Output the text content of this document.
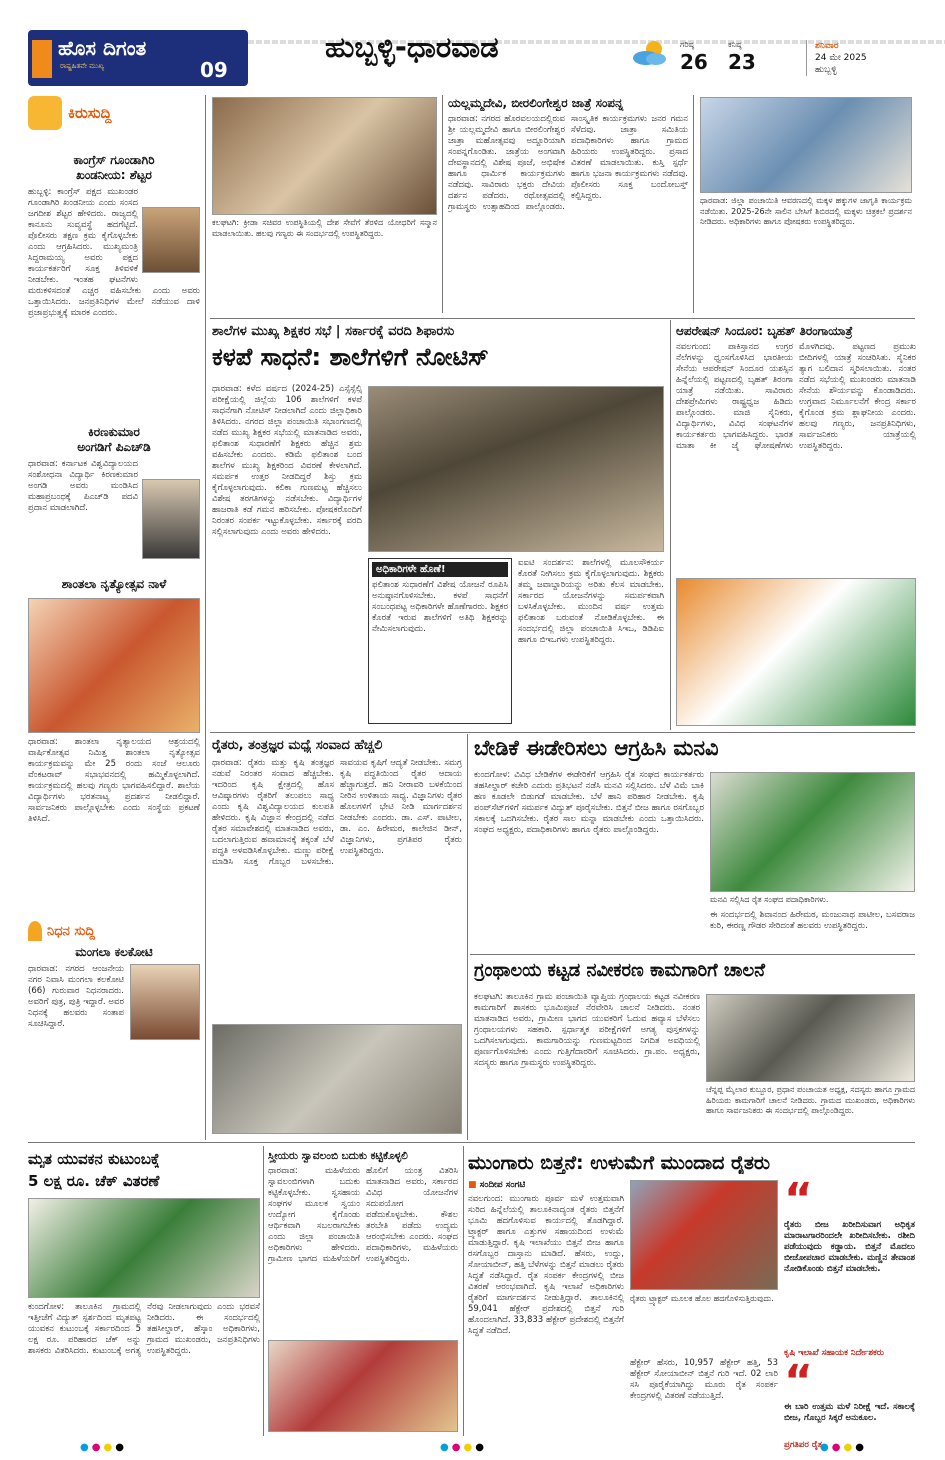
ಹೊಸ ದಿಗಂತ
ರಾಷ್ಟ್ರಹಿತವೇ ಮುಖ್ಯ	09
ಹುಬ್ಬಳ್ಳಿ-ಧಾರವಾಡ	ಗರಿಷ್ಠ
26
ಕನಿಷ್ಠ
23
ಶನಿವಾರ
24 ಮೇ 2025
ಹುಬ್ಬಳ್ಳಿ
ಕಿರುಸುದ್ದಿ
ಕಾಂಗ್ರೆಸ್ ಗೂಂಡಾಗಿರಿ
ಖಂಡನೀಯ: ಶೆಟ್ಟರ
ಹುಬ್ಬಳ್ಳಿ: ಕಾಂಗ್ರೆಸ್ ಪಕ್ಷದ ಮುಖಂಡರ ಗೂಂಡಾಗಿರಿ ಖಂಡನೀಯ ಎಂದು ಸಂಸದ ಜಗದೀಶ ಶೆಟ್ಟರ ಹೇಳಿದರು. ರಾಜ್ಯದಲ್ಲಿ ಕಾನೂನು ಸುವ್ಯವಸ್ಥೆ ಹದಗೆಟ್ಟಿದೆ. ಪೊಲೀಸರು ತಕ್ಷಣ ಕ್ರಮ ಕೈಗೊಳ್ಳಬೇಕು ಎಂದು ಆಗ್ರಹಿಸಿದರು. ಮುಖ್ಯಮಂತ್ರಿ ಸಿದ್ದರಾಮಯ್ಯ ಅವರು ಪಕ್ಷದ ಕಾರ್ಯಕರ್ತರಿಗೆ ಸೂಕ್ತ ತಿಳಿವಳಿಕೆ ನೀಡಬೇಕು. ಇಂತಹ ಘಟನೆಗಳು ಮರುಕಳಿಸದಂತೆ ಎಚ್ಚರ ವಹಿಸಬೇಕು ಎಂದು ಅವರು ಒತ್ತಾಯಿಸಿದರು. ಜನಪ್ರತಿನಿಧಿಗಳ ಮೇಲೆ ನಡೆಯುವ ದಾಳಿ ಪ್ರಜಾಪ್ರಭುತ್ವಕ್ಕೆ ಮಾರಕ ಎಂದರು.
ಕಿರಣಕುಮಾರ
ಅಂಗಡಿಗೆ ಪಿಎಚ್‌ಡಿ
ಧಾರವಾಡ: ಕರ್ನಾಟಕ ವಿಶ್ವವಿದ್ಯಾಲಯದ ಸಂಶೋಧನಾ ವಿದ್ಯಾರ್ಥಿ ಕಿರಣಕುಮಾರ ಅಂಗಡಿ ಅವರು ಮಂಡಿಸಿದ ಮಹಾಪ್ರಬಂಧಕ್ಕೆ ಪಿಎಚ್‌ಡಿ ಪದವಿ ಪ್ರದಾನ ಮಾಡಲಾಗಿದೆ.
ಶಾಂತಲಾ ನೃತ್ಯೋತ್ಸವ ನಾಳೆ
ಧಾರವಾಡ: ಶಾಂತಲಾ ನೃತ್ಯಾಲಯದ ಆಶ್ರಯದಲ್ಲಿ ವಾರ್ಷಿಕೋತ್ಸವ ನಿಮಿತ್ತ ಶಾಂತಲಾ ನೃತ್ಯೋತ್ಸವ ಕಾರ್ಯಕ್ರಮವನ್ನು ಮೇ 25 ರಂದು ಸಂಜೆ ಆಲೂರು ವೆಂಕಟರಾವ್ ಸಭಾಭವನದಲ್ಲಿ ಹಮ್ಮಿಕೊಳ್ಳಲಾಗಿದೆ. ಕಾರ್ಯಕ್ರಮದಲ್ಲಿ ಹಲವು ಗಣ್ಯರು ಭಾಗವಹಿಸಲಿದ್ದಾರೆ. ಶಾಲೆಯ ವಿದ್ಯಾರ್ಥಿಗಳು ಭರತನಾಟ್ಯ ಪ್ರದರ್ಶನ ನೀಡಲಿದ್ದಾರೆ. ಸಾರ್ವಜನಿಕರು ಪಾಲ್ಗೊಳ್ಳಬೇಕು ಎಂದು ಸಂಸ್ಥೆಯ ಪ್ರಕಟಣೆ ತಿಳಿಸಿದೆ.
ನಿಧನ ಸುದ್ದಿ
ಮಂಗಲಾ ಕಲಕೋಟಿ
ಧಾರವಾಡ: ನಗರದ ಆಂಜನೇಯ ನಗರ ನಿವಾಸಿ ಮಂಗಲಾ ಕಲಕೋಟಿ (66) ಗುರುವಾರ ನಿಧನರಾದರು. ಅವರಿಗೆ ಪುತ್ರ, ಪುತ್ರಿ ಇದ್ದಾರೆ. ಅವರ ನಿಧನಕ್ಕೆ ಹಲವರು ಸಂತಾಪ ಸೂಚಿಸಿದ್ದಾರೆ.
ಕಲಘಟಗಿ: ಕ್ರೀಡಾ ಸಚಿವರ ಉಪಸ್ಥಿತಿಯಲ್ಲಿ ದೇಶ ಸೇವೆಗೆ ತೆರಳಿದ ಯೋಧರಿಗೆ ಸನ್ಮಾನ ಮಾಡಲಾಯಿತು. ಹಲವು ಗಣ್ಯರು ಈ ಸಂದರ್ಭದಲ್ಲಿ ಉಪಸ್ಥಿತರಿದ್ದರು.
ಯಲ್ಲಮ್ಮದೇವಿ, ಬೀರಲಿಂಗೇಶ್ವರ ಜಾತ್ರೆ ಸಂಪನ್ನ
ಧಾರವಾಡ: ನಗರದ ಹೊರವಲಯದಲ್ಲಿರುವ ಶ್ರೀ ಯಲ್ಲಮ್ಮದೇವಿ ಹಾಗೂ ಬೀರಲಿಂಗೇಶ್ವರ ಜಾತ್ರಾ ಮಹೋತ್ಸವವು ಅದ್ದೂರಿಯಾಗಿ ಸಂಪನ್ನಗೊಂಡಿತು. ಜಾತ್ರೆಯ ಅಂಗವಾಗಿ ದೇವಸ್ಥಾನದಲ್ಲಿ ವಿಶೇಷ ಪೂಜೆ, ಅಭಿಷೇಕ ಹಾಗೂ ಧಾರ್ಮಿಕ ಕಾರ್ಯಕ್ರಮಗಳು ನಡೆದವು. ಸಾವಿರಾರು ಭಕ್ತರು ದೇವಿಯ ದರ್ಶನ ಪಡೆದರು. ರಥೋತ್ಸವದಲ್ಲಿ ಗ್ರಾಮಸ್ಥರು ಉತ್ಸಾಹದಿಂದ ಪಾಲ್ಗೊಂಡರು. ಸಾಂಸ್ಕೃತಿಕ ಕಾರ್ಯಕ್ರಮಗಳು ಜನರ ಗಮನ ಸೆಳೆದವು. ಜಾತ್ರಾ ಸಮಿತಿಯ ಪದಾಧಿಕಾರಿಗಳು ಹಾಗೂ ಗ್ರಾಮದ ಹಿರಿಯರು ಉಪಸ್ಥಿತರಿದ್ದರು. ಪ್ರಸಾದ ವಿತರಣೆ ಮಾಡಲಾಯಿತು. ಕುಸ್ತಿ ಸ್ಪರ್ಧೆ ಹಾಗೂ ಭಜನಾ ಕಾರ್ಯಕ್ರಮಗಳು ನಡೆದವು. ಪೊಲೀಸರು ಸೂಕ್ತ ಬಂದೋಬಸ್ತ್ ಕಲ್ಪಿಸಿದ್ದರು.	ಧಾರವಾಡ: ಜಿಲ್ಲಾ ಪಂಚಾಯಿತಿ ಆವರಣದಲ್ಲಿ ಮಕ್ಕಳ ಹಕ್ಕುಗಳ ಜಾಗೃತಿ ಕಾರ್ಯಕ್ರಮ ನಡೆಯಿತು. 2025-26ನೇ ಸಾಲಿನ ಬೇಸಿಗೆ ಶಿಬಿರದಲ್ಲಿ ಮಕ್ಕಳು ಚಿತ್ರಕಲೆ ಪ್ರದರ್ಶನ ನೀಡಿದರು. ಅಧಿಕಾರಿಗಳು ಹಾಗೂ ಪೋಷಕರು ಉಪಸ್ಥಿತರಿದ್ದರು.
ಶಾಲೆಗಳ ಮುಖ್ಯ ಶಿಕ್ಷಕರ ಸಭೆ | ಸರ್ಕಾರಕ್ಕೆ ವರದಿ ಶಿಫಾರಸು
ಕಳಪೆ ಸಾಧನೆ: ಶಾಲೆಗಳಿಗೆ ನೋಟಿಸ್
ಧಾರವಾಡ: ಕಳೆದ ವರ್ಷದ (2024-25) ಎಸ್ಸೆಸ್ಸೆಲ್ಸಿ ಪರೀಕ್ಷೆಯಲ್ಲಿ ಜಿಲ್ಲೆಯ 106 ಶಾಲೆಗಳಿಗೆ ಕಳಪೆ ಸಾಧನೆಗಾಗಿ ನೋಟಿಸ್ ನೀಡಲಾಗಿದೆ ಎಂದು ಜಿಲ್ಲಾಧಿಕಾರಿ ತಿಳಿಸಿದರು. ನಗರದ ಜಿಲ್ಲಾ ಪಂಚಾಯಿತಿ ಸಭಾಂಗಣದಲ್ಲಿ ನಡೆದ ಮುಖ್ಯ ಶಿಕ್ಷಕರ ಸಭೆಯಲ್ಲಿ ಮಾತನಾಡಿದ ಅವರು, ಫಲಿತಾಂಶ ಸುಧಾರಣೆಗೆ ಶಿಕ್ಷಕರು ಹೆಚ್ಚಿನ ಶ್ರಮ ವಹಿಸಬೇಕು ಎಂದರು. ಕಡಿಮೆ ಫಲಿತಾಂಶ ಬಂದ ಶಾಲೆಗಳ ಮುಖ್ಯ ಶಿಕ್ಷಕರಿಂದ ವಿವರಣೆ ಕೇಳಲಾಗಿದೆ. ಸಮರ್ಪಕ ಉತ್ತರ ನೀಡದಿದ್ದರೆ ಶಿಸ್ತು ಕ್ರಮ ಕೈಗೊಳ್ಳಲಾಗುವುದು. ಕಲಿಕಾ ಗುಣಮಟ್ಟ ಹೆಚ್ಚಿಸಲು ವಿಶೇಷ ತರಗತಿಗಳನ್ನು ನಡೆಸಬೇಕು. ವಿದ್ಯಾರ್ಥಿಗಳ ಹಾಜರಾತಿ ಕಡೆ ಗಮನ ಹರಿಸಬೇಕು. ಪೋಷಕರೊಂದಿಗೆ ನಿರಂತರ ಸಂಪರ್ಕ ಇಟ್ಟುಕೊಳ್ಳಬೇಕು. ಸರ್ಕಾರಕ್ಕೆ ವರದಿ ಸಲ್ಲಿಸಲಾಗುವುದು ಎಂದು ಅವರು ಹೇಳಿದರು.
ಅಧಿಕಾರಿಗಳೇ ಹೊಣೆ!
ಫಲಿತಾಂಶ ಸುಧಾರಣೆಗೆ ವಿಶೇಷ ಯೋಜನೆ ರೂಪಿಸಿ ಅನುಷ್ಠಾನಗೊಳಿಸಬೇಕು. ಕಳಪೆ ಸಾಧನೆಗೆ ಸಂಬಂಧಪಟ್ಟ ಅಧಿಕಾರಿಗಳೇ ಹೊಣೆಗಾರರು. ಶಿಕ್ಷಕರ ಕೊರತೆ ಇರುವ ಶಾಲೆಗಳಿಗೆ ಅತಿಥಿ ಶಿಕ್ಷಕರನ್ನು ನೇಮಿಸಲಾಗುವುದು.
ಐಐಟಿ ಸಂದರ್ಶನ: ಶಾಲೆಗಳಲ್ಲಿ ಮೂಲಸೌಕರ್ಯ ಕೊರತೆ ನೀಗಿಸಲು ಕ್ರಮ ಕೈಗೊಳ್ಳಲಾಗುವುದು. ಶಿಕ್ಷಕರು ತಮ್ಮ ಜವಾಬ್ದಾರಿಯನ್ನು ಅರಿತು ಕೆಲಸ ಮಾಡಬೇಕು. ಸರ್ಕಾರದ ಯೋಜನೆಗಳನ್ನು ಸಮರ್ಪಕವಾಗಿ ಬಳಸಿಕೊಳ್ಳಬೇಕು. ಮುಂದಿನ ವರ್ಷ ಉತ್ತಮ ಫಲಿತಾಂಶ ಬರುವಂತೆ ನೋಡಿಕೊಳ್ಳಬೇಕು. ಈ ಸಂದರ್ಭದಲ್ಲಿ ಜಿಲ್ಲಾ ಪಂಚಾಯಿತಿ ಸಿಇಒ, ಡಿಡಿಪಿಐ ಹಾಗೂ ಬಿಇಒಗಳು ಉಪಸ್ಥಿತರಿದ್ದರು.
ಆಪರೇಷನ್ ಸಿಂದೂರ: ಬೃಹತ್ ತಿರಂಗಾಯಾತ್ರೆ
ನವಲಗುಂದ: ಪಾಕಿಸ್ತಾನದ ಉಗ್ರರ ನೆಲೆಗಳನ್ನು ಧ್ವಂಸಗೊಳಿಸಿದ ಭಾರತೀಯ ಸೇನೆಯ ಆಪರೇಷನ್ ಸಿಂದೂರ ಯಶಸ್ಸಿನ ಹಿನ್ನೆಲೆಯಲ್ಲಿ ಪಟ್ಟಣದಲ್ಲಿ ಬೃಹತ್ ತಿರಂಗಾ ಯಾತ್ರೆ ನಡೆಯಿತು. ಸಾವಿರಾರು ದೇಶಪ್ರೇಮಿಗಳು ರಾಷ್ಟ್ರಧ್ವಜ ಹಿಡಿದು ಪಾಲ್ಗೊಂಡರು. ಮಾಜಿ ಸೈನಿಕರು, ವಿದ್ಯಾರ್ಥಿಗಳು, ವಿವಿಧ ಸಂಘಟನೆಗಳ ಕಾರ್ಯಕರ್ತರು ಭಾಗವಹಿಸಿದ್ದರು. ಭಾರತ ಮಾತಾ ಕೀ ಜೈ ಘೋಷಣೆಗಳು ಮೊಳಗಿದವು. ಪಟ್ಟಣದ ಪ್ರಮುಖ ಬೀದಿಗಳಲ್ಲಿ ಯಾತ್ರೆ ಸಂಚರಿಸಿತು. ಸೈನಿಕರ ತ್ಯಾಗ ಬಲಿದಾನ ಸ್ಮರಿಸಲಾಯಿತು. ನಂತರ ನಡೆದ ಸಭೆಯಲ್ಲಿ ಮುಖಂಡರು ಮಾತನಾಡಿ ಸೇನೆಯ ಶೌರ್ಯವನ್ನು ಕೊಂಡಾಡಿದರು. ಉಗ್ರವಾದ ನಿರ್ಮೂಲನೆಗೆ ಕೇಂದ್ರ ಸರ್ಕಾರ ಕೈಗೊಂಡ ಕ್ರಮ ಶ್ಲಾಘನೀಯ ಎಂದರು. ಹಲವು ಗಣ್ಯರು, ಜನಪ್ರತಿನಿಧಿಗಳು, ಸಾರ್ವಜನಿಕರು ಯಾತ್ರೆಯಲ್ಲಿ ಉಪಸ್ಥಿತರಿದ್ದರು.
ರೈತರು, ತಂತ್ರಜ್ಞರ ಮಧ್ಯೆ ಸಂವಾದ ಹೆಚ್ಚಲಿ
ಧಾರವಾಡ: ರೈತರು ಮತ್ತು ಕೃಷಿ ತಂತ್ರಜ್ಞರ ನಡುವೆ ನಿರಂತರ ಸಂವಾದ ಹೆಚ್ಚಬೇಕು. ಇದರಿಂದ ಕೃಷಿ ಕ್ಷೇತ್ರದಲ್ಲಿ ಹೊಸ ಆವಿಷ್ಕಾರಗಳು ರೈತರಿಗೆ ತಲುಪಲು ಸಾಧ್ಯ ಎಂದು ಕೃಷಿ ವಿಶ್ವವಿದ್ಯಾಲಯದ ಕುಲಪತಿ ಹೇಳಿದರು. ಕೃಷಿ ವಿಜ್ಞಾನ ಕೇಂದ್ರದಲ್ಲಿ ನಡೆದ ರೈತರ ಸಮಾವೇಶದಲ್ಲಿ ಮಾತನಾಡಿದ ಅವರು, ಬದಲಾಗುತ್ತಿರುವ ಹವಾಮಾನಕ್ಕೆ ತಕ್ಕಂತೆ ಬೆಳೆ ಪದ್ಧತಿ ಅಳವಡಿಸಿಕೊಳ್ಳಬೇಕು. ಮಣ್ಣು ಪರೀಕ್ಷೆ ಮಾಡಿಸಿ ಸೂಕ್ತ ಗೊಬ್ಬರ ಬಳಸಬೇಕು. ಸಾವಯವ ಕೃಷಿಗೆ ಆದ್ಯತೆ ನೀಡಬೇಕು. ಸಮಗ್ರ ಕೃಷಿ ಪದ್ಧತಿಯಿಂದ ರೈತರ ಆದಾಯ ಹೆಚ್ಚಾಗುತ್ತದೆ. ಹನಿ ನೀರಾವರಿ ಬಳಕೆಯಿಂದ ನೀರಿನ ಉಳಿತಾಯ ಸಾಧ್ಯ. ವಿಜ್ಞಾನಿಗಳು ರೈತರ ಹೊಲಗಳಿಗೆ ಭೇಟಿ ನೀಡಿ ಮಾರ್ಗದರ್ಶನ ನೀಡಬೇಕು ಎಂದರು. ಡಾ. ಎಸ್. ಪಾಟೀಲ, ಡಾ. ಎಂ. ಹಿರೇಮಠ, ಕಾಲೇಜಿನ ಡೀನ್, ವಿಜ್ಞಾನಿಗಳು, ಪ್ರಗತಿಪರ ರೈತರು ಉಪಸ್ಥಿತರಿದ್ದರು.
ಬೇಡಿಕೆ ಈಡೇರಿಸಲು ಆಗ್ರಹಿಸಿ ಮನವಿ
ಕುಂದಗೋಳ: ವಿವಿಧ ಬೇಡಿಕೆಗಳ ಈಡೇರಿಕೆಗೆ ಆಗ್ರಹಿಸಿ ರೈತ ಸಂಘದ ಕಾರ್ಯಕರ್ತರು ತಹಸೀಲ್ದಾರ್ ಕಚೇರಿ ಎದುರು ಪ್ರತಿಭಟನೆ ನಡೆಸಿ ಮನವಿ ಸಲ್ಲಿಸಿದರು. ಬೆಳೆ ವಿಮೆ ಬಾಕಿ ಹಣ ಕೂಡಲೇ ಬಿಡುಗಡೆ ಮಾಡಬೇಕು. ಬೆಳೆ ಹಾನಿ ಪರಿಹಾರ ನೀಡಬೇಕು. ಕೃಷಿ ಪಂಪ್‌ಸೆಟ್‌ಗಳಿಗೆ ಸಮರ್ಪಕ ವಿದ್ಯುತ್ ಪೂರೈಸಬೇಕು. ಬಿತ್ತನೆ ಬೀಜ ಹಾಗೂ ರಸಗೊಬ್ಬರ ಸಕಾಲಕ್ಕೆ ಒದಗಿಸಬೇಕು. ರೈತರ ಸಾಲ ಮನ್ನಾ ಮಾಡಬೇಕು ಎಂದು ಒತ್ತಾಯಿಸಿದರು. ಸಂಘದ ಅಧ್ಯಕ್ಷರು, ಪದಾಧಿಕಾರಿಗಳು ಹಾಗೂ ರೈತರು ಪಾಲ್ಗೊಂಡಿದ್ದರು.
ಮನವಿ ಸಲ್ಲಿಸಿದ ರೈತ ಸಂಘದ ಪದಾಧಿಕಾರಿಗಳು.
ಈ ಸಂದರ್ಭದಲ್ಲಿ ಶಿವಾನಂದ ಹಿರೇಮಠ, ಮಂಜುನಾಥ ಪಾಟೀಲ, ಬಸವರಾಜ ಕುರಿ, ಈರಣ್ಣ ಗೌಡರ ಸೇರಿದಂತೆ ಹಲವರು ಉಪಸ್ಥಿತರಿದ್ದರು.
ಗ್ರಂಥಾಲಯ ಕಟ್ಟಡ ನವೀಕರಣ ಕಾಮಗಾರಿಗೆ ಚಾಲನೆ
ಕಲಘಟಗಿ: ತಾಲೂಕಿನ ಗ್ರಾಮ ಪಂಚಾಯಿತಿ ವ್ಯಾಪ್ತಿಯ ಗ್ರಂಥಾಲಯ ಕಟ್ಟಡ ನವೀಕರಣ ಕಾಮಗಾರಿಗೆ ಶಾಸಕರು ಭೂಮಿಪೂಜೆ ನೆರವೇರಿಸಿ ಚಾಲನೆ ನೀಡಿದರು. ನಂತರ ಮಾತನಾಡಿದ ಅವರು, ಗ್ರಾಮೀಣ ಭಾಗದ ಯುವಕರಿಗೆ ಓದುವ ಹವ್ಯಾಸ ಬೆಳೆಸಲು ಗ್ರಂಥಾಲಯಗಳು ಸಹಕಾರಿ. ಸ್ಪರ್ಧಾತ್ಮಕ ಪರೀಕ್ಷೆಗಳಿಗೆ ಅಗತ್ಯ ಪುಸ್ತಕಗಳನ್ನು ಒದಗಿಸಲಾಗುವುದು. ಕಾಮಗಾರಿಯನ್ನು ಗುಣಮಟ್ಟದಿಂದ ನಿಗದಿತ ಅವಧಿಯಲ್ಲಿ ಪೂರ್ಣಗೊಳಿಸಬೇಕು ಎಂದು ಗುತ್ತಿಗೆದಾರರಿಗೆ ಸೂಚಿಸಿದರು. ಗ್ರಾ.ಪಂ. ಅಧ್ಯಕ್ಷರು, ಸದಸ್ಯರು ಹಾಗೂ ಗ್ರಾಮಸ್ಥರು ಉಪಸ್ಥಿತರಿದ್ದರು.
ಚೆನ್ನಪ್ಪ ಮೈಲಾರ ಕುಬ್ಬೂರ, ಪ್ರಧಾನ ಪಂಚಾಯತ ಅಧ್ಯಕ್ಷ, ಸದಸ್ಯರು ಹಾಗೂ ಗ್ರಾಮದ ಹಿರಿಯರು ಕಾಮಗಾರಿಗೆ ಚಾಲನೆ ನೀಡಿದರು. ಗ್ರಾಮದ ಮುಖಂಡರು, ಅಧಿಕಾರಿಗಳು ಹಾಗೂ ಸಾರ್ವಜನಿಕರು ಈ ಸಂದರ್ಭದಲ್ಲಿ ಪಾಲ್ಗೊಂಡಿದ್ದರು.
ಮೃತ ಯುವಕನ ಕುಟುಂಬಕ್ಕೆ
5 ಲಕ್ಷ ರೂ. ಚೆಕ್ ವಿತರಣೆ
ಕುಂದಗೋಳ: ತಾಲೂಕಿನ ಗ್ರಾಮದಲ್ಲಿ ಇತ್ತೀಚೆಗೆ ವಿದ್ಯುತ್ ಸ್ಪರ್ಶದಿಂದ ಮೃತಪಟ್ಟ ಯುವಕನ ಕುಟುಂಬಕ್ಕೆ ಸರ್ಕಾರದಿಂದ 5 ಲಕ್ಷ ರೂ. ಪರಿಹಾರದ ಚೆಕ್ ಅನ್ನು ಶಾಸಕರು ವಿತರಿಸಿದರು. ಕುಟುಂಬಕ್ಕೆ ಅಗತ್ಯ ನೆರವು ನೀಡಲಾಗುವುದು ಎಂದು ಭರವಸೆ ನೀಡಿದರು. ಈ ಸಂದರ್ಭದಲ್ಲಿ ತಹಸೀಲ್ದಾರ್, ಹೆಸ್ಕಾಂ ಅಧಿಕಾರಿಗಳು, ಗ್ರಾಮದ ಮುಖಂಡರು, ಜನಪ್ರತಿನಿಧಿಗಳು ಉಪಸ್ಥಿತರಿದ್ದರು.
ಸ್ತ್ರೀಯರು ಸ್ವಾವಲಂಬಿ ಬದುಕು ಕಟ್ಟಿಕೊಳ್ಳಲಿ
ಧಾರವಾಡ: ಮಹಿಳೆಯರು ಸ್ವಾವಲಂಬಿಗಳಾಗಿ ಬದುಕು ಕಟ್ಟಿಕೊಳ್ಳಬೇಕು. ಸ್ವಸಹಾಯ ಸಂಘಗಳ ಮೂಲಕ ಸ್ವಯಂ ಉದ್ಯೋಗ ಕೈಗೊಂಡು ಆರ್ಥಿಕವಾಗಿ ಸಬಲರಾಗಬೇಕು ಎಂದು ಜಿಲ್ಲಾ ಪಂಚಾಯಿತಿ ಅಧಿಕಾರಿಗಳು ಹೇಳಿದರು. ಗ್ರಾಮೀಣ ಭಾಗದ ಮಹಿಳೆಯರಿಗೆ ಹೊಲಿಗೆ ಯಂತ್ರ ವಿತರಿಸಿ ಮಾತನಾಡಿದ ಅವರು, ಸರ್ಕಾರದ ವಿವಿಧ ಯೋಜನೆಗಳ ಸದುಪಯೋಗ ಪಡೆದುಕೊಳ್ಳಬೇಕು. ಕೌಶಲ ತರಬೇತಿ ಪಡೆದು ಉದ್ಯಮ ಆರಂಭಿಸಬೇಕು ಎಂದರು. ಸಂಘದ ಪದಾಧಿಕಾರಿಗಳು, ಮಹಿಳೆಯರು ಉಪಸ್ಥಿತರಿದ್ದರು.
ಮುಂಗಾರು ಬಿತ್ತನೆ: ಉಳುಮೆಗೆ ಮುಂದಾದ ರೈತರು
■ ಸಂದೀಪ ಸಂಗಟಿ
ನವಲಗುಂದ: ಮುಂಗಾರು ಪೂರ್ವ ಮಳೆ ಉತ್ತಮವಾಗಿ ಸುರಿದ ಹಿನ್ನೆಲೆಯಲ್ಲಿ ತಾಲೂಕಿನಾದ್ಯಂತ ರೈತರು ಬಿತ್ತನೆಗೆ ಭೂಮಿ ಹದಗೊಳಿಸುವ ಕಾರ್ಯದಲ್ಲಿ ತೊಡಗಿದ್ದಾರೆ. ಟ್ರ್ಯಾಕ್ಟರ್ ಹಾಗೂ ಎತ್ತುಗಳ ಸಹಾಯದಿಂದ ಉಳುಮೆ ಮಾಡುತ್ತಿದ್ದಾರೆ. ಕೃಷಿ ಇಲಾಖೆಯು ಬಿತ್ತನೆ ಬೀಜ ಹಾಗೂ ರಸಗೊಬ್ಬರ ದಾಸ್ತಾನು ಮಾಡಿದೆ. ಹೆಸರು, ಉದ್ದು, ಸೋಯಾಬೀನ್, ಹತ್ತಿ ಬೆಳೆಗಳನ್ನು ಬಿತ್ತನೆ ಮಾಡಲು ರೈತರು ಸಿದ್ಧತೆ ನಡೆಸಿದ್ದಾರೆ. ರೈತ ಸಂಪರ್ಕ ಕೇಂದ್ರಗಳಲ್ಲಿ ಬೀಜ ವಿತರಣೆ ಆರಂಭವಾಗಿದೆ. ಕೃಷಿ ಇಲಾಖೆ ಅಧಿಕಾರಿಗಳು ರೈತರಿಗೆ ಮಾರ್ಗದರ್ಶನ ನೀಡುತ್ತಿದ್ದಾರೆ. ತಾಲೂಕಿನಲ್ಲಿ 59,041 ಹೆಕ್ಟೇರ್ ಪ್ರದೇಶದಲ್ಲಿ ಬಿತ್ತನೆ ಗುರಿ ಹೊಂದಲಾಗಿದೆ. 33,833 ಹೆಕ್ಟೇರ್ ಪ್ರದೇಶದಲ್ಲಿ ಬಿತ್ತನೆಗೆ ಸಿದ್ಧತೆ ನಡೆದಿದೆ.
ರೈತರು ಟ್ರ್ಯಾಕ್ಟರ್ ಮೂಲಕ ಹೊಲ ಹದಗೊಳಿಸುತ್ತಿರುವುದು.
ಹೆಕ್ಟೇರ್ ಹೆಸರು, 10,957 ಹೆಕ್ಟೇರ್ ಹತ್ತಿ, 53 ಹೆಕ್ಟೇರ್ ಸೋಯಾಬೀನ್ ಬಿತ್ತನೆ ಗುರಿ ಇದೆ. 02 ಲಾರಿ ಸಸಿ ಪೂರೈಕೆಯಾಗಿದ್ದು ಮೂರು ರೈತ ಸಂಪರ್ಕ ಕೇಂದ್ರಗಳಲ್ಲಿ ವಿತರಣೆ ನಡೆಯುತ್ತಿದೆ.
“
ರೈತರು ಬೀಜ ಖರೀದಿಸುವಾಗ ಅಧಿಕೃತ ಮಾರಾಟಗಾರರಿಂದಲೇ ಖರೀದಿಸಬೇಕು. ರಶೀದಿ ಪಡೆಯುವುದು ಕಡ್ಡಾಯ. ಬಿತ್ತನೆ ಮೊದಲು ಬೀಜೋಪಚಾರ ಮಾಡಬೇಕು. ಮಣ್ಣಿನ ತೇವಾಂಶ ನೋಡಿಕೊಂಡು ಬಿತ್ತನೆ ಮಾಡಬೇಕು.
ಕೃಷಿ ಇಲಾಖೆ ಸಹಾಯಕ ನಿರ್ದೇಶಕರು
“
ಈ ಬಾರಿ ಉತ್ತಮ ಮಳೆ ನಿರೀಕ್ಷೆ ಇದೆ. ಸಕಾಲಕ್ಕೆ ಬೀಜ, ಗೊಬ್ಬರ ಸಿಕ್ಕರೆ ಅನುಕೂಲ.
ಪ್ರಗತಿಪರ ರೈತ
●●●●	●●●●	●●●●
